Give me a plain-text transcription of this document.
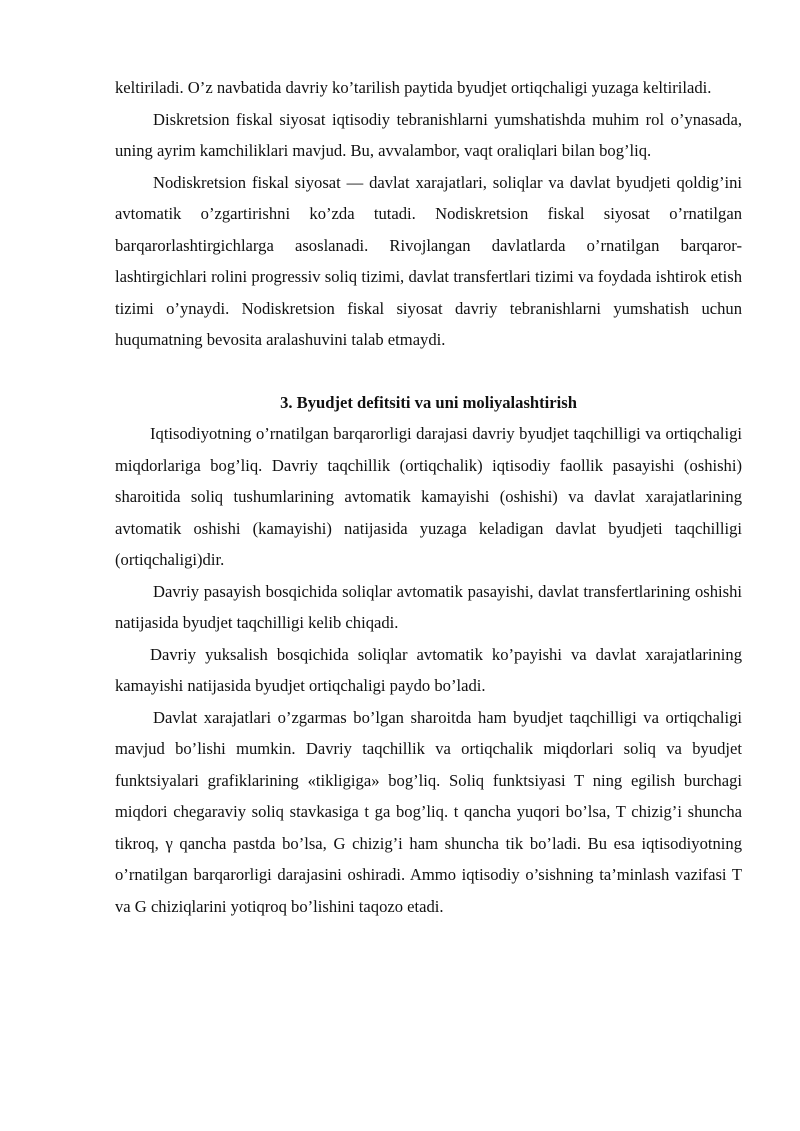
keltiriladi. O’z navbatida davriy ko’tarilish paytida byudjet ortiqchaligi yuzaga keltiriladi.

Diskretsion fiskal siyosat iqtisodiy tebranishlarni yumshatishda muhim rol o’ynasada, uning ayrim kamchiliklari mavjud. Bu, avvalambor, vaqt oraliqlari bilan bog’liq.

Nodiskretsion fiskal siyosat — davlat xarajatlari, soliqlar va davlat byudjeti qoldig’ini avtomatik o’zgartirishni ko’zda tutadi. Nodiskretsion fiskal siyosat o’rnatilgan barqarorlashtirgichlarga asoslanadi. Rivojlangan davlatlarda o’rnatilgan barqaror-lashtirgichlari rolini progressiv soliq tizimi, davlat transfertlari tizimi va foydada ishtirok etish tizimi o’ynaydi. Nodiskretsion fiskal siyosat davriy tebranishlarni yumshatish uchun huqumatning bevosita aralashuvini talab etmaydi.

3. Byudjet defitsiti va uni moliyalashtirish

Iqtisodiyotning o’rnatilgan barqarorligi darajasi davriy byudjet taqchilligi va ortiqchaligi miqdorlariga bog’liq. Davriy taqchillik (ortiqchalik) iqtisodiy faollik pasayishi (oshishi) sharoitida soliq tushumlarining avtomatik kamayishi (oshishi) va davlat xarajatlarining avtomatik oshishi (kamayishi) natijasida yuzaga keladigan davlat byudjeti taqchilligi (ortiqchaligi)dir.

Davriy pasayish bosqichida soliqlar avtomatik pasayishi, davlat transfertlarining oshishi natijasida byudjet taqchilligi kelib chiqadi.

Davriy yuksalish bosqichida soliqlar avtomatik ko’payishi va davlat xarajatlarining kamayishi natijasida byudjet ortiqchaligi paydo bo’ladi.

Davlat xarajatlari o’zgarmas bo’lgan sharoitda ham byudjet taqchilligi va ortiqchaligi mavjud bo’lishi mumkin. Davriy taqchillik va ortiqchalik miqdorlari soliq va byudjet funktsiyalari grafiklarining «tikligiga» bog’liq. Soliq funktsiyasi T ning egilish burchagi miqdori chegaraviy soliq stavkasiga t ga bog’liq. t qancha yuqori bo’lsa, T chizig’i shuncha tikroq, γ qancha pastda bo’lsa, G chizig’i ham shuncha tik bo’ladi. Bu esa iqtisodiyotning o’rnatilgan barqarorligi darajasini oshiradi. Ammo iqtisodiy o’sishning ta’minlash vazifasi T va G chiziqlarini yotiqroq bo’lishini taqozo etadi.
